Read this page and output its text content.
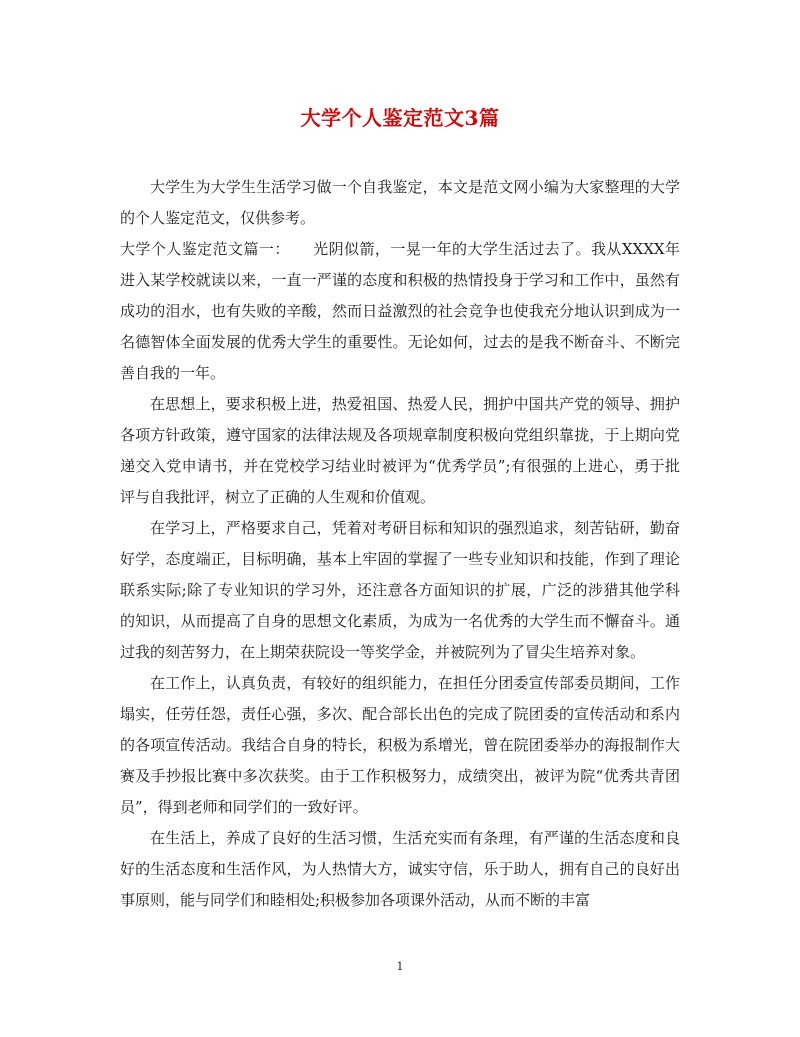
大学个人鉴定范文3篇

大学生为大学生生活学习做一个自我鉴定，本文是范文网小编为大家整理的大学的个人鉴定范文，仅供参考。

大学个人鉴定范文篇一：　　 光阴似箭，一晃一年的大学生活过去了。我从XXXX年进入某学校就读以来，一直一严谨的态度和积极的热情投身于学习和工作中，虽然有成功的泪水，也有失败的辛酸，然而日益激烈的社会竞争也使我充分地认识到成为一名德智体全面发展的优秀大学生的重要性。无论如何，过去的是我不断奋斗、不断完善自我的一年。

在思想上，要求积极上进，热爱祖国、热爱人民，拥护中国共产党的领导、拥护各项方针政策，遵守国家的法律法规及各项规章制度积极向党组织靠拢，于上期向党递交入党申请书，并在党校学习结业时被评为“优秀学员”;有很强的上进心，勇于批评与自我批评，树立了正确的人生观和价值观。

在学习上，严格要求自己，凭着对考研目标和知识的强烈追求，刻苦钻研，勤奋好学，态度端正，目标明确，基本上牢固的掌握了一些专业知识和技能，作到了理论联系实际;除了专业知识的学习外，还注意各方面知识的扩展，广泛的涉猎其他学科的知识，从而提高了自身的思想文化素质，为成为一名优秀的大学生而不懈奋斗。通过我的刻苦努力，在上期荣获院设一等奖学金，并被院列为了冒尖生培养对象。

在工作上，认真负责，有较好的组织能力，在担任分团委宣传部委员期间，工作塌实，任劳任怨，责任心强，多次、配合部长出色的完成了院团委的宣传活动和系内的各项宣传活动。我结合自身的特长，积极为系增光，曾在院团委举办的海报制作大赛及手抄报比赛中多次获奖。由于工作积极努力，成绩突出，被评为院“优秀共青团员”，得到老师和同学们的一致好评。

在生活上，养成了良好的生活习惯，生活充实而有条理，有严谨的生活态度和良好的生活态度和生活作风，为人热情大方，诚实守信，乐于助人，拥有自己的良好出事原则，能与同学们和睦相处;积极参加各项课外活动，从而不断的丰富

1
